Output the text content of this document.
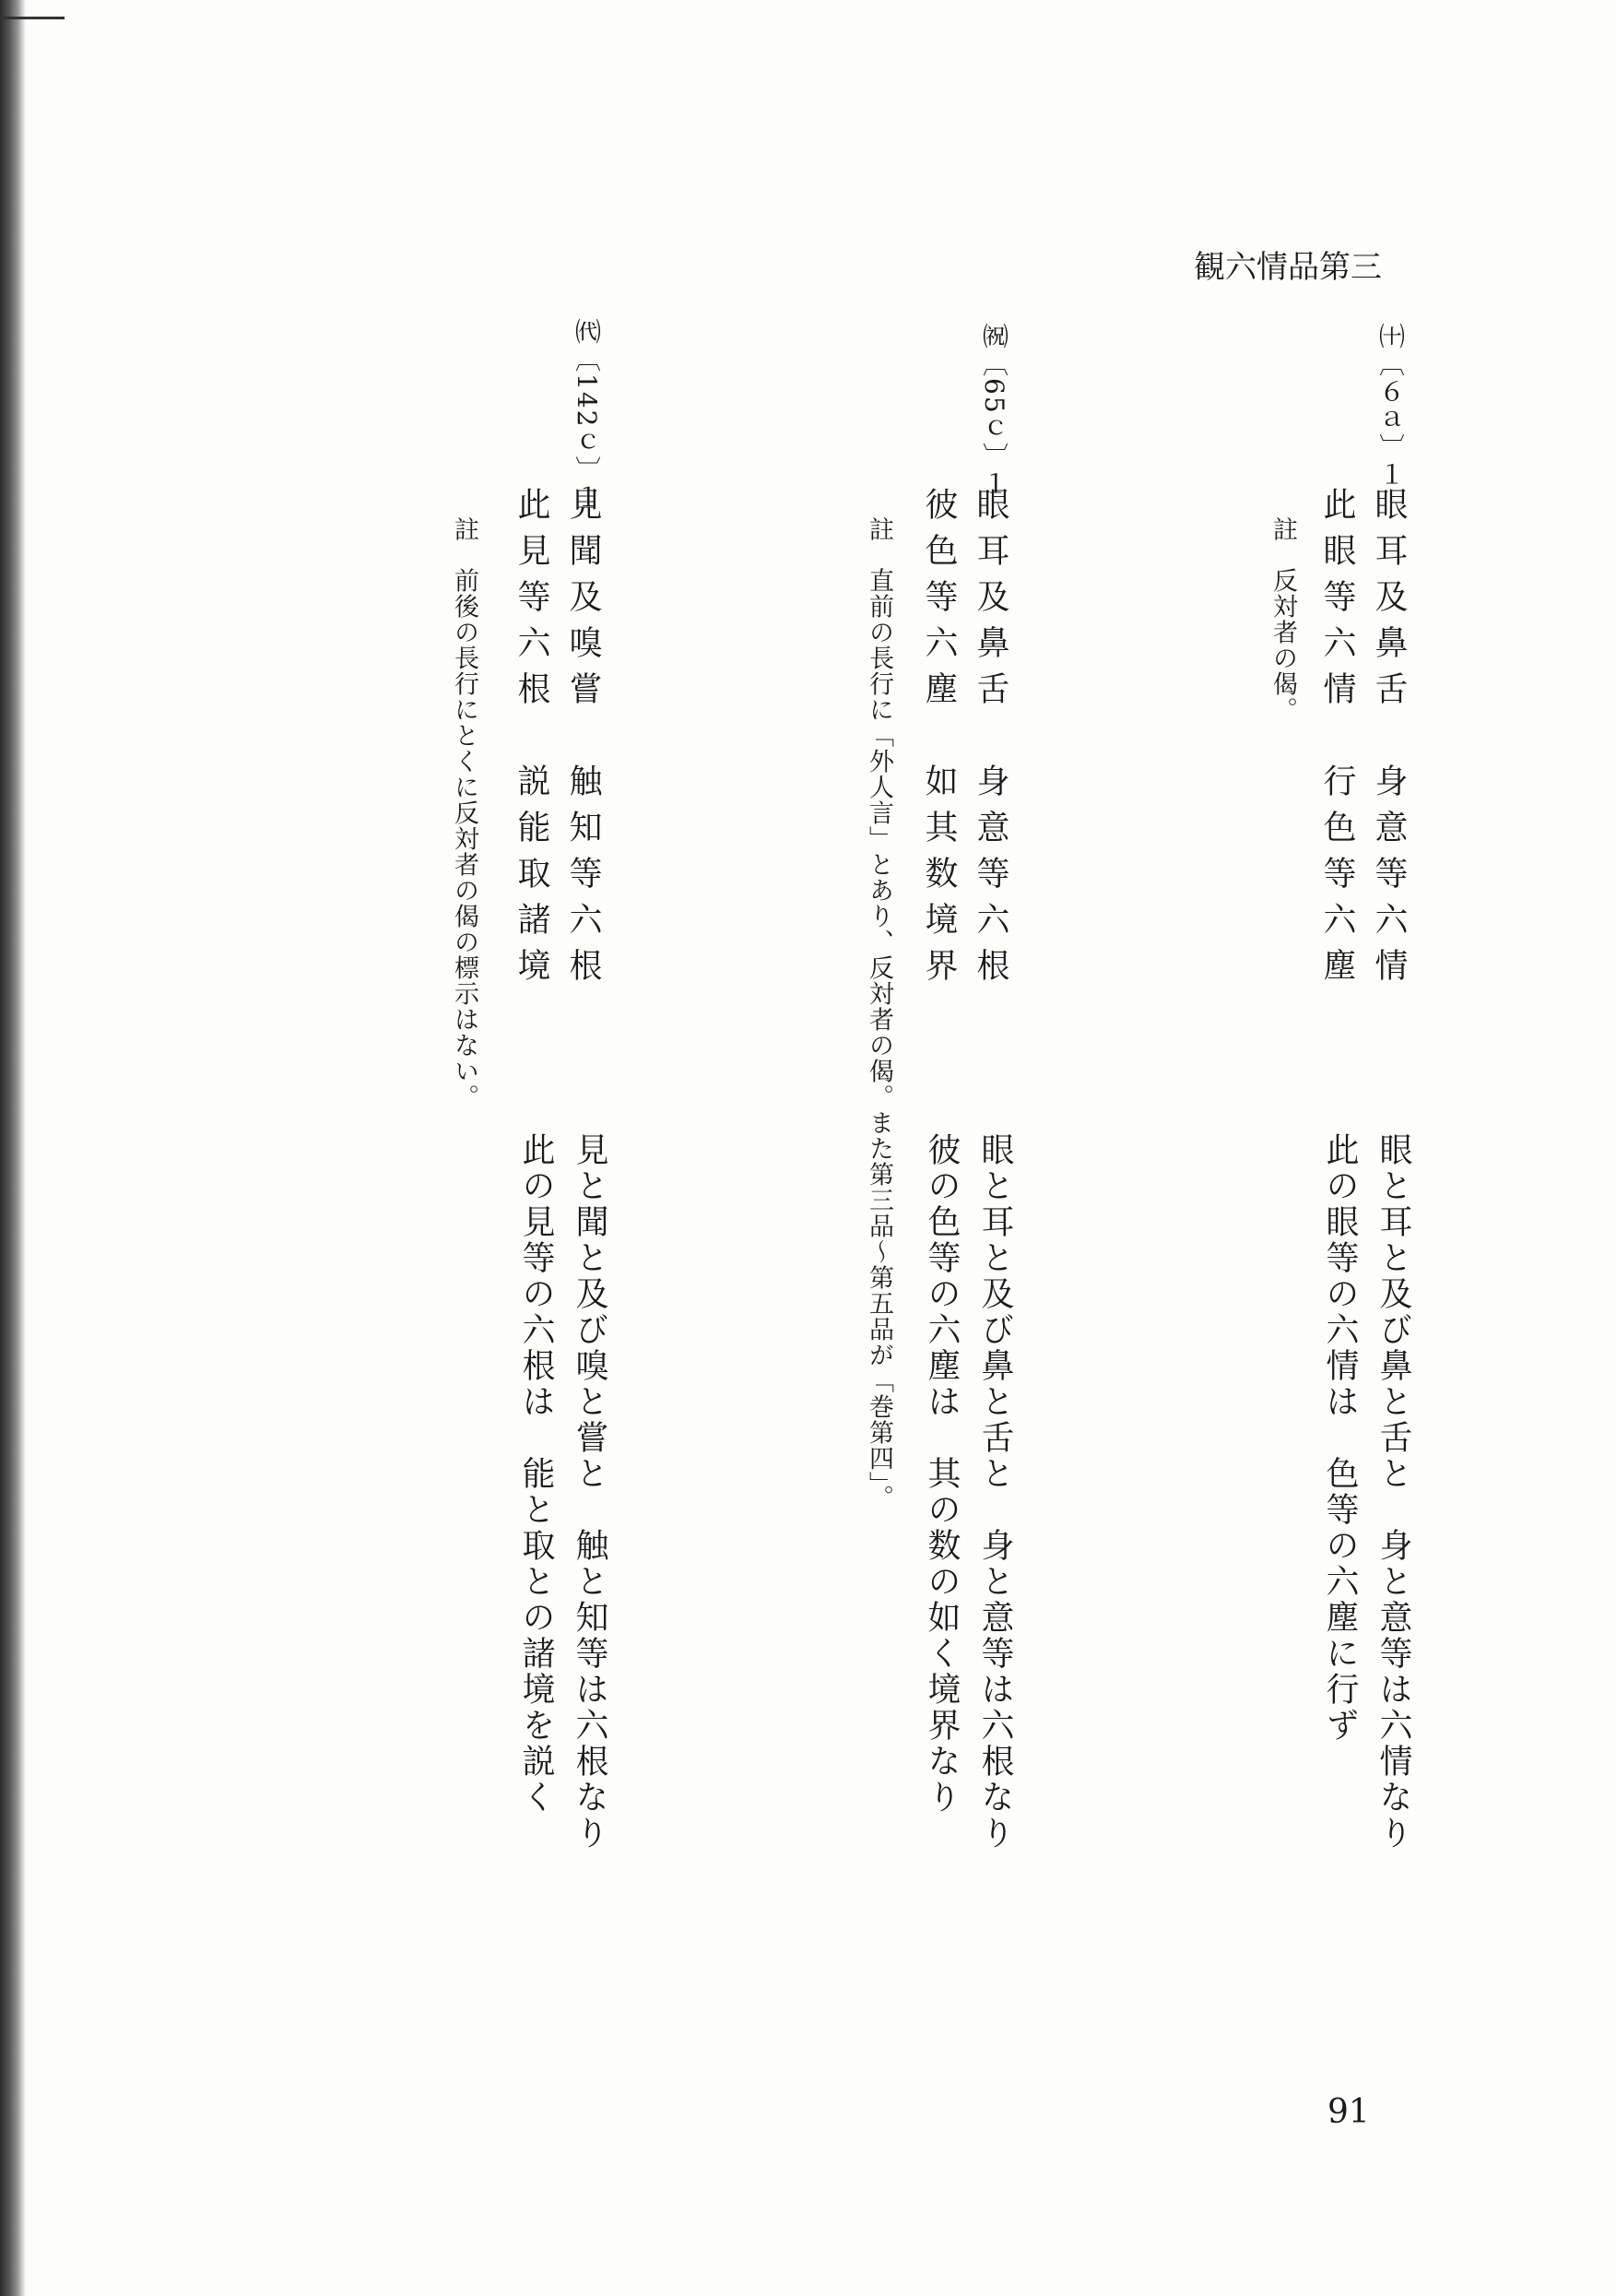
観六情品第三
㈩〔６ａ〕１
眼耳及鼻舌　身意等六情
此眼等六情　行色等六塵
註 反対者の偈。
眼と耳と及び鼻と舌と　身と意等は六情なり
此の眼等の六情は　色等の六塵に行ず
㈷〔65ｃ〕１
眼耳及鼻舌　身意等六根
彼色等六塵　如其数境界
註 直前の長行に「外人言」とあり、反対者の偈。また第三品～第五品が「巻第四」。	眼と耳と及び鼻と舌と　身と意等は六根なり
彼の色等の六塵は　其の数の如く境界なり
㈹〔142ｃ〕１
見聞及嗅嘗　触知等六根
此見等六根　説能取諸境
註 前後の長行にとくに反対者の偈の標示はない。
見と聞と及び嗅と嘗と　触と知等は六根なり
此の見等の六根は　能と取との諸境を説く
91
